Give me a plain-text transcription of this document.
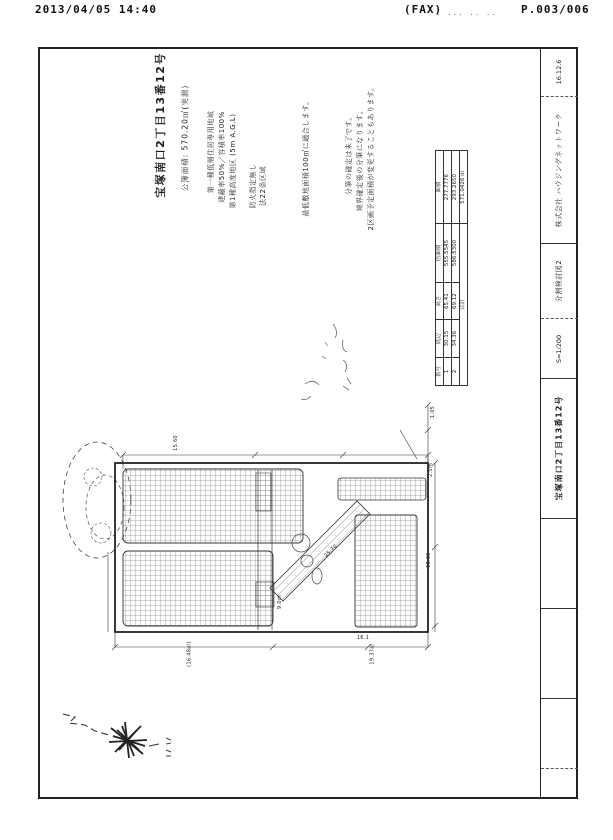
2013/04/05 14:40	(FAX)
. ... .. .. P.003/006
16.12.6
株式会社 ハウジングネットワーク
分割検討図2
S=1/200
宝塚南口2丁目13番12号
宝塚南口2丁目13番12号 公簿面積: 570.20㎡(実測)	第一種低層住居専用地域 建蔽率50%／容積率100% 第1種高度地区 (5m A.G.L) 防火指定無し 法22条区域	最低敷地面積100㎡に適合します。	分筆の確定は未了です。 境界確定後の分筆になります。 2区画予定面積が変更することもあります。
番号	底辺	高さ	倍面積	面積
1	30.15	65.41	555.5545	277.7776
2	34.36	69.12	586.5300	293.2650
合計				571.0426 ㎡
15.60
(16.48㎡)	19.37㎡
9.0m
25.70
10.05
16.1
2.5m
1.05
